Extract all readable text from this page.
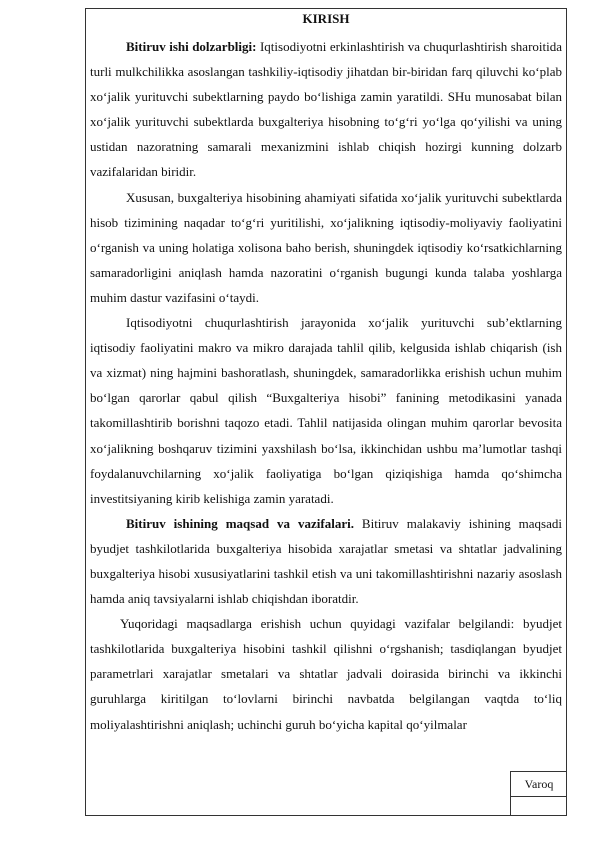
KIRISH

Bitiruv ishi dolzarbligi: Iqtisodiyotni erkinlashtirish va chuqurlashtirish sharoitida turli mulkchilikka asoslangan tashkiliy-iqtisodiy jihatdan bir-biridan farq qiluvchi ko‘plab xo‘jalik yurituvchi subektlarning paydo bo‘lishiga zamin yaratildi. SHu munosabat bilan xo‘jalik yurituvchi subektlarda buxgalteriya hisobning to‘g‘ri yo‘lga qo‘yilishi va uning ustidan nazoratning samarali mexanizmini ishlab chiqish hozirgi kunning dolzarb vazifalaridan biridir.

Xususan, buxgalteriya hisobining ahamiyati sifatida xo‘jalik yurituvchi subektlarda hisob tizimining naqadar to‘g‘ri yuritilishi, xo‘jalikning iqtisodiy-moliyaviy faoliyatini o‘rganish va uning holatiga xolisona baho berish, shuningdek iqtisodiy ko‘rsatkichlarning samaradorligini aniqlash hamda nazoratini o‘rganish bugungi kunda talaba yoshlarga muhim dastur vazifasini o‘taydi.

Iqtisodiyotni chuqurlashtirish jarayonida xo‘jalik yurituvchi sub’ektlarning iqtisodiy faoliyatini makro va mikro darajada tahlil qilib, kelgusida ishlab chiqarish (ish va xizmat) ning hajmini bashoratlash, shuningdek, samaradorlikka erishish uchun muhim bo‘lgan qarorlar qabul qilish “Buxgalteriya hisobi” fanining metodikasini yanada takomillashtirib borishni taqozo etadi. Tahlil natijasida olingan muhim qarorlar bevosita xo‘jalikning boshqaruv tizimini yaxshilash bo‘lsa, ikkinchidan ushbu ma’lumotlar tashqi foydalanuvchilarning xo‘jalik faoliyatiga bo‘lgan qiziqishiga hamda qo‘shimcha investitsiyaning kirib kelishiga zamin yaratadi.

Bitiruv ishining maqsad va vazifalari. Bitiruv malakaviy ishining maqsadi byudjet tashkilotlarida buxgalteriya hisobida xarajatlar smetasi va shtatlar jadvalining buxgalteriya hisobi xususiyatlarini tashkil etish va uni takomillashtirishni nazariy asoslash hamda aniq tavsiyalarni ishlab chiqishdan iboratdir.

Yuqoridagi maqsadlarga erishish uchun quyidagi vazifalar belgilandi: byudjet tashkilotlarida buxgalteriya hisobini tashkil qilishni o‘rgshanish; tasdiqlangan byudjet parametrlari xarajatlar smetalari va shtatlar jadvali doirasida birinchi va ikkinchi guruhlarga kiritilgan to‘lovlarni birinchi navbatda belgilangan vaqtda to‘liq moliyalashtirishni aniqlash; uchinchi guruh bo‘yicha kapital qo‘yilmalar

Varoq
